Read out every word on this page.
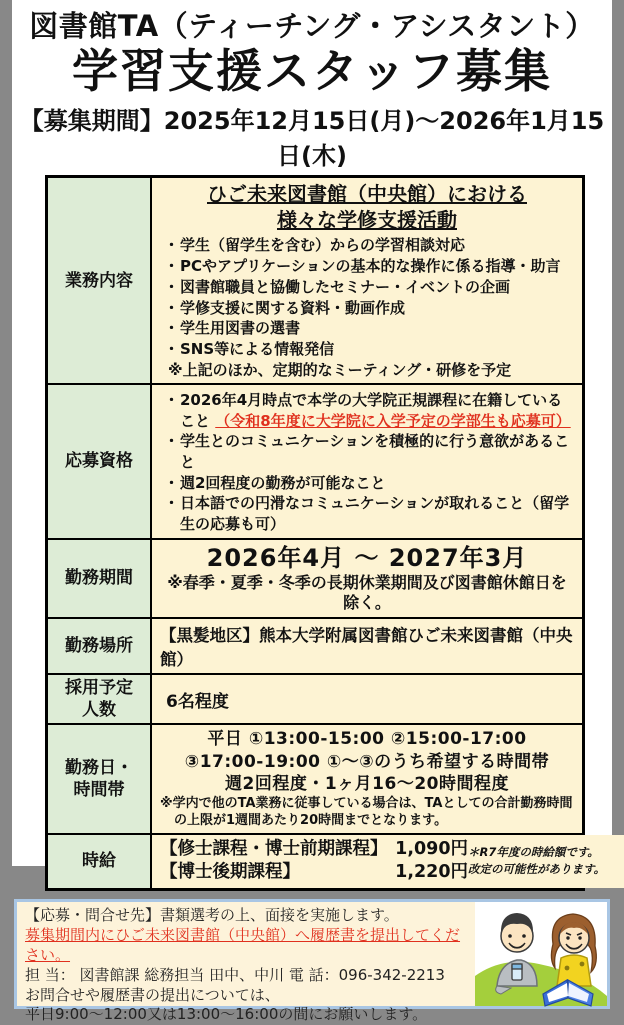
図書館TA（ティーチング・アシスタント）
学習支援スタッフ募集
【募集期間】2025年12月15日(月)～2026年1月15日(木)
業務内容
ひご未来図書館（中央館）における
様々な学修支援活動
・ 学生（留学生を含む）からの学習相談対応
・ PCやアプリケーションの基本的な操作に係る指導・助言
・ 図書館職員と協働したセミナー・イベントの企画
・ 学修支援に関する資料・動画作成
・ 学生用図書の選書
・ SNS等による情報発信
※上記のほか、定期的なミーティング・研修を予定
応募資格
・ 2026年4月時点で本学の大学院正規課程に在籍していること （令和8年度に大学院に入学予定の学部生も応募可）
・ 学生とのコミュニケーションを積極的に行う意欲があること
・ 週2回程度の勤務が可能なこと
・ 日本語での円滑なコミュニケーションが取れること（留学生の応募も可）
勤務期間
2026年4月 ～ 2027年3月
※春季・夏季・冬季の長期休業期間及び図書館休館日を除く。
勤務場所
【黒髪地区】熊本大学附属図書館ひご未来図書館（中央館）
採用予定
人数	6名程度
勤務日・
時間帯
平日 ①13:00-15:00 ②15:00-17:00
③17:00-19:00 ①～③のうち希望する時間帯
週2回程度・1ヶ月16～20時間程度
※学内で他のTA業務に従事している場合は、TAとしての合計勤務時間
の上限が1週間あたり20時間までとなります。
時給
【修士課程・博士前期課程】 1,090円
【博士後期課程】	1,220円
＊R7年度の時給額です。
改定の可能性があります。
【応募・問合せ先】書類選考の上、面接を実施します。
募集期間内にひご未来図書館（中央館）へ履歴書を提出してください。
担 当： 図書館課 総務担当 田中、中川 電 話：096-342-2213
お問合せや履歴書の提出については、
平日9:00～12:00又は13:00～16:00の間にお願いします。
